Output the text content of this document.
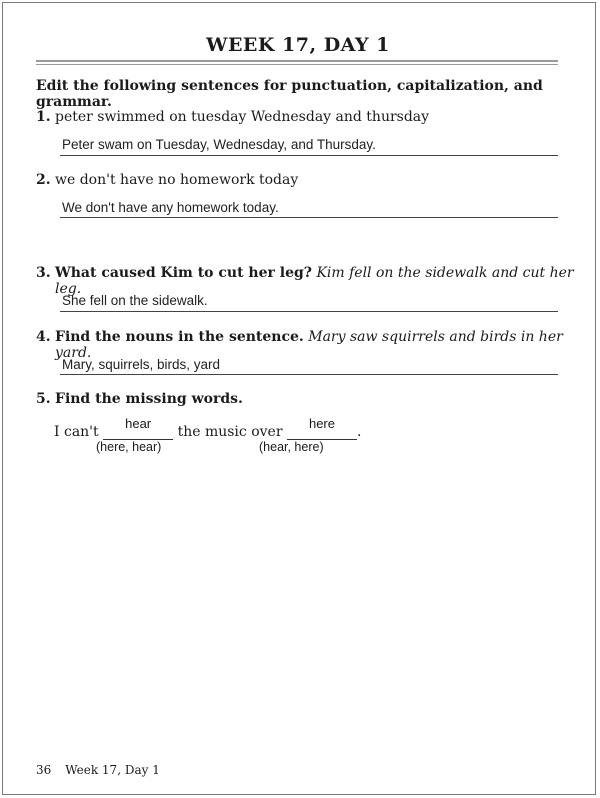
WEEK 17, DAY 1
Edit the following sentences for punctuation, capitalization, and grammar.
1. peter swimmed on tuesday Wednesday and thursday
Peter swam on Tuesday, Wednesday, and Thursday.
2. we don't have no homework today
We don't have any homework today.
3. What caused Kim to cut her leg? Kim fell on the sidewalk and cut her leg.
She fell on the sidewalk.
4. Find the nouns in the sentence. Mary saw squirrels and birds in her yard.
Mary, squirrels, birds, yard
5. Find the missing words.
I can't
hear
the music over
here
.
(here, hear)	(hear, here)
36 Week 17, Day 1
